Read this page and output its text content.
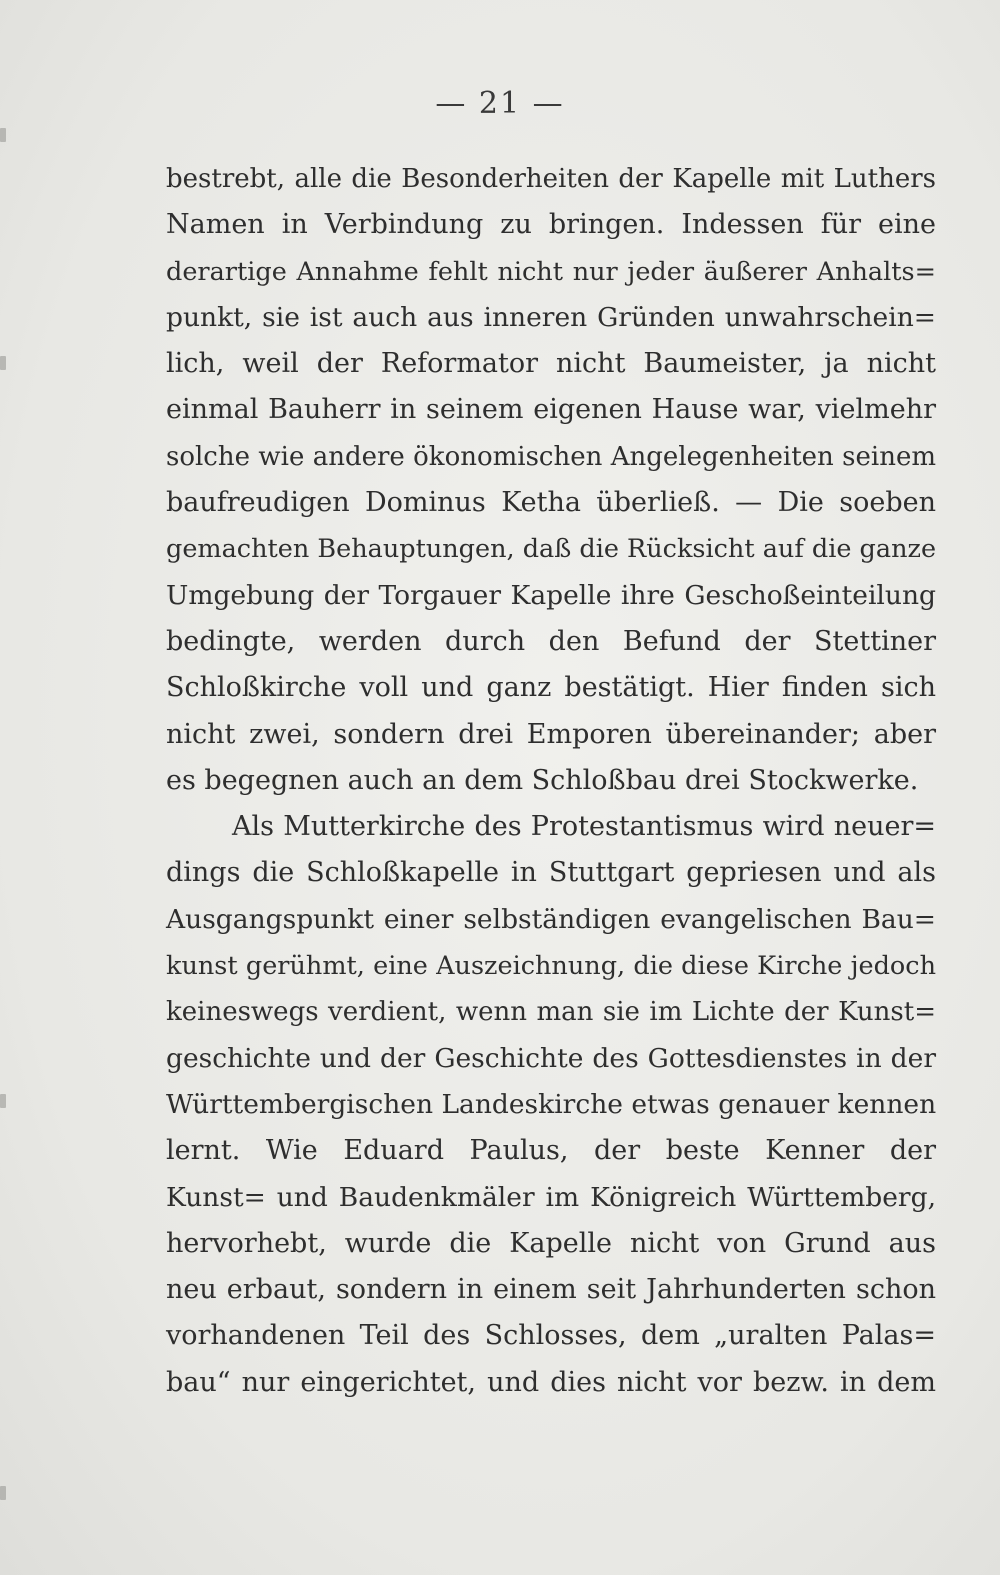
— 21 —
bestrebt, alle die Besonderheiten der Kapelle mit Luthers
Namen in Verbindung zu bringen. Indessen für eine
derartige Annahme fehlt nicht nur jeder äußerer Anhalts=
punkt, sie ist auch aus inneren Gründen unwahrschein=
lich, weil der Reformator nicht Baumeister, ja nicht
einmal Bauherr in seinem eigenen Hause war, vielmehr
solche wie andere ökonomischen Angelegenheiten seinem
baufreudigen Dominus Ketha überließ. — Die soeben
gemachten Behauptungen, daß die Rücksicht auf die ganze
Umgebung der Torgauer Kapelle ihre Geschoßeinteilung
bedingte, werden durch den Befund der Stettiner
Schloßkirche voll und ganz bestätigt. Hier finden sich
nicht zwei, sondern drei Emporen übereinander; aber
es begegnen auch an dem Schloßbau drei Stockwerke.
Als Mutterkirche des Protestantismus wird neuer=
dings die Schloßkapelle in Stuttgart gepriesen und als
Ausgangspunkt einer selbständigen evangelischen Bau=
kunst gerühmt, eine Auszeichnung, die diese Kirche jedoch
keineswegs verdient, wenn man sie im Lichte der Kunst=
geschichte und der Geschichte des Gottesdienstes in der
Württembergischen Landeskirche etwas genauer kennen
lernt. Wie Eduard Paulus, der beste Kenner der
Kunst= und Baudenkmäler im Königreich Württemberg,
hervorhebt, wurde die Kapelle nicht von Grund aus
neu erbaut, sondern in einem seit Jahrhunderten schon
vorhandenen Teil des Schlosses, dem „uralten Palas=
bau“ nur eingerichtet, und dies nicht vor bezw. in dem
